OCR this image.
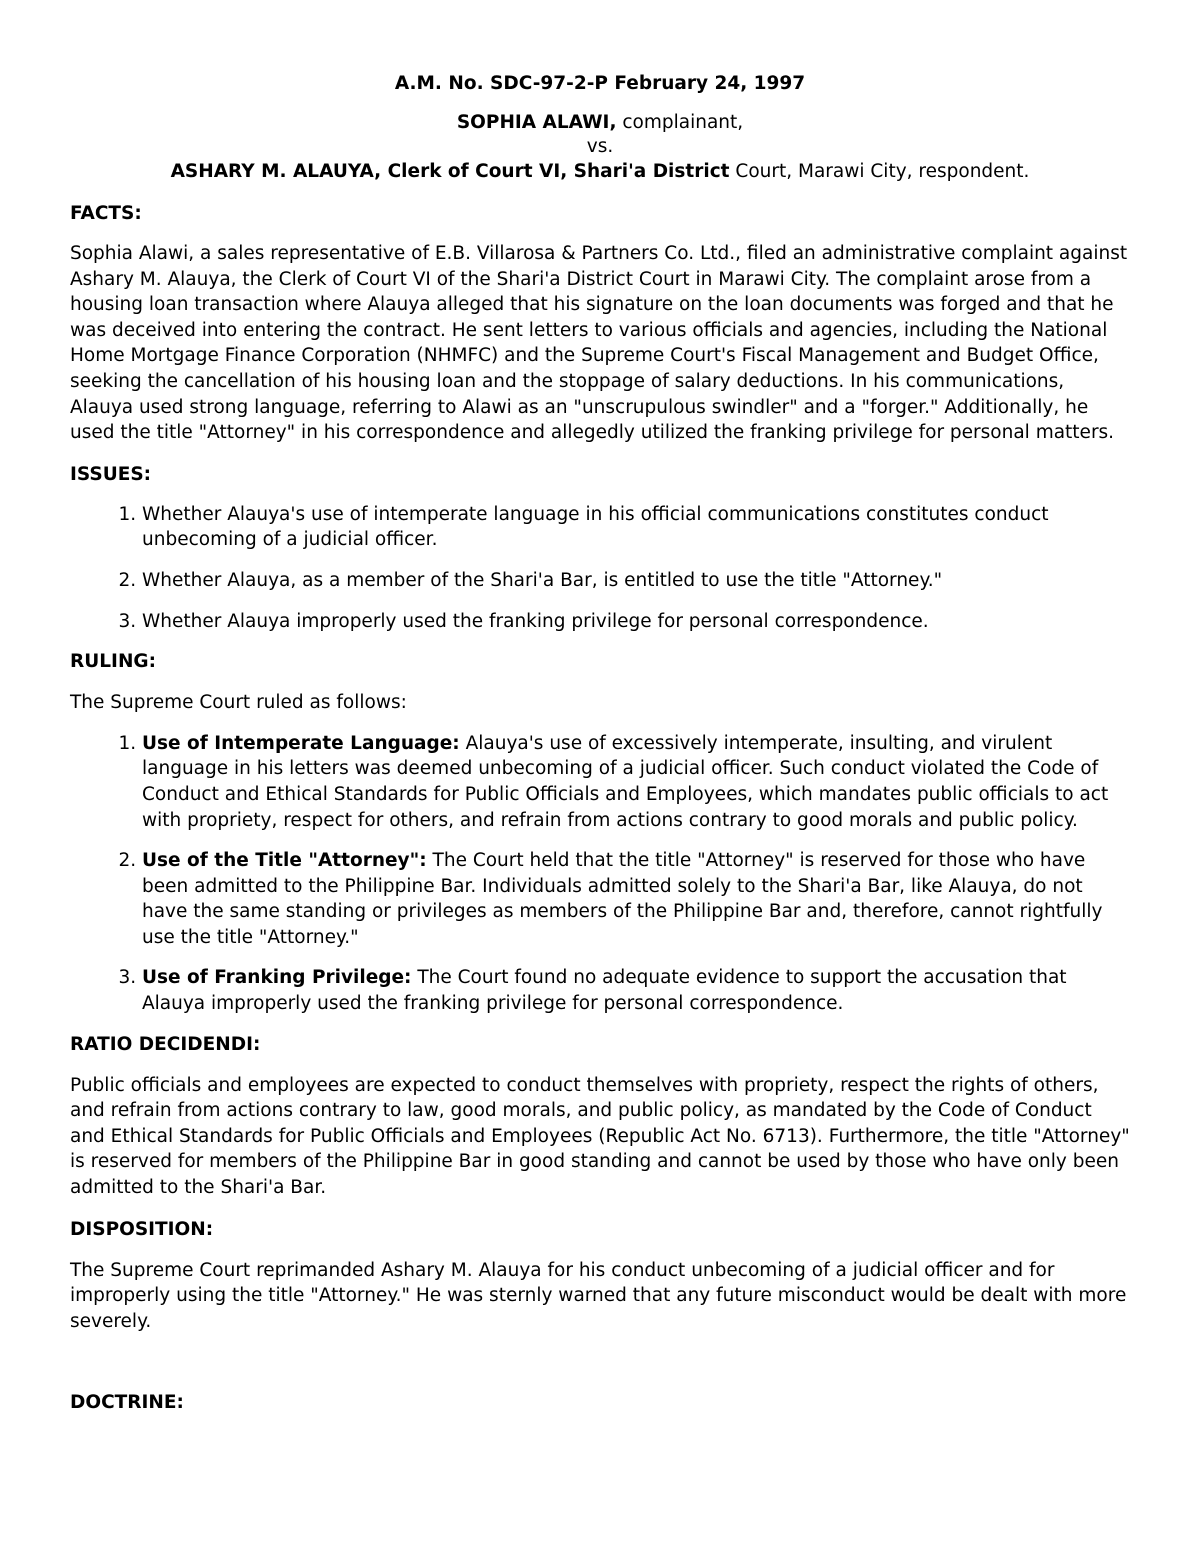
A.M. No. SDC-97-2-P February 24, 1997
SOPHIA ALAWI, complainant,
vs.
ASHARY M. ALAUYA, Clerk of Court VI, Shari'a District Court, Marawi City, respondent.
FACTS:

Sophia Alawi, a sales representative of E.B. Villarosa & Partners Co. Ltd., filed an administrative complaint against Ashary M. Alauya, the Clerk of Court VI of the Shari'a District Court in Marawi City. The complaint arose from a housing loan transaction where Alauya alleged that his signature on the loan documents was forged and that he was deceived into entering the contract. He sent letters to various officials and agencies, including the National Home Mortgage Finance Corporation (NHMFC) and the Supreme Court's Fiscal Management and Budget Office, seeking the cancellation of his housing loan and the stoppage of salary deductions. In his communications, Alauya used strong language, referring to Alawi as an "unscrupulous swindler" and a "forger." Additionally, he used the title "Attorney" in his correspondence and allegedly utilized the franking privilege for personal matters.

ISSUES:
1. Whether Alauya's use of intemperate language in his official communications constitutes conduct unbecoming of a judicial officer.
2. Whether Alauya, as a member of the Shari'a Bar, is entitled to use the title "Attorney."
3. Whether Alauya improperly used the franking privilege for personal correspondence.
RULING:

The Supreme Court ruled as follows:

1. Use of Intemperate Language: Alauya's use of excessively intemperate, insulting, and virulent language in his letters was deemed unbecoming of a judicial officer. Such conduct violated the Code of Conduct and Ethical Standards for Public Officials and Employees, which mandates public officials to act with propriety, respect for others, and refrain from actions contrary to good morals and public policy.
2. Use of the Title "Attorney": The Court held that the title "Attorney" is reserved for those who have been admitted to the Philippine Bar. Individuals admitted solely to the Shari'a Bar, like Alauya, do not have the same standing or privileges as members of the Philippine Bar and, therefore, cannot rightfully use the title "Attorney."
3. Use of Franking Privilege: The Court found no adequate evidence to support the accusation that Alauya improperly used the franking privilege for personal correspondence.
RATIO DECIDENDI:

Public officials and employees are expected to conduct themselves with propriety, respect the rights of others, and refrain from actions contrary to law, good morals, and public policy, as mandated by the Code of Conduct and Ethical Standards for Public Officials and Employees (Republic Act No. 6713). Furthermore, the title "Attorney" is reserved for members of the Philippine Bar in good standing and cannot be used by those who have only been admitted to the Shari'a Bar.

DISPOSITION:

The Supreme Court reprimanded Ashary M. Alauya for his conduct unbecoming of a judicial officer and for improperly using the title "Attorney." He was sternly warned that any future misconduct would be dealt with more severely.

DOCTRINE:
